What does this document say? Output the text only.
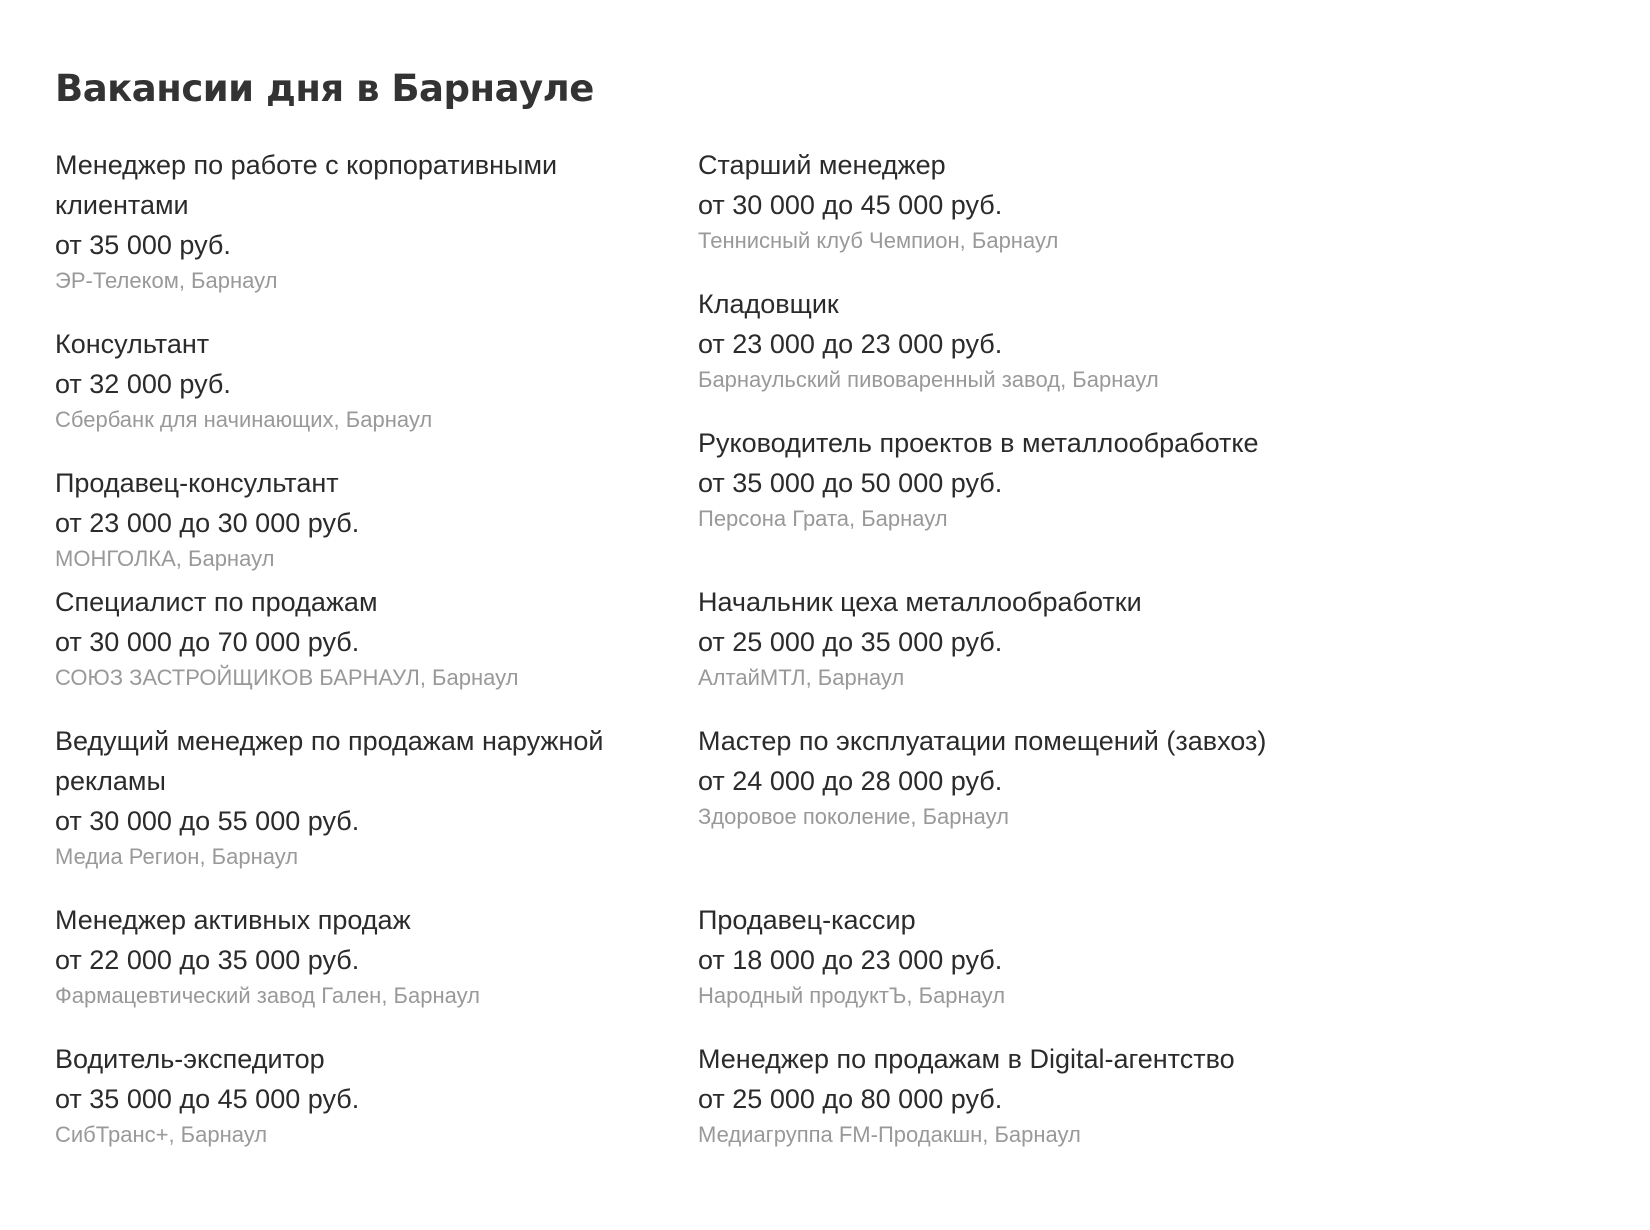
Вакансии дня в Барнауле
Менеджер по работе с корпоративными клиентами
от 35 000 руб.
ЭР-Телеком, Барнаул
Консультант
от 32 000 руб.
Сбербанк для начинающих, Барнаул
Продавец-консультант
от 23 000 до 30 000 руб.
МОНГОЛКА, Барнаул
Специалист по продажам
от 30 000 до 70 000 руб.
СОЮЗ ЗАСТРОЙЩИКОВ БАРНАУЛ, Барнаул
Ведущий менеджер по продажам наружной рекламы
от 30 000 до 55 000 руб.
Медиа Регион, Барнаул
Менеджер активных продаж
от 22 000 до 35 000 руб.
Фармацевтический завод Гален, Барнаул
Водитель-экспедитор
от 35 000 до 45 000 руб.
СибТранс+, Барнаул
Старший менеджер
от 30 000 до 45 000 руб.
Теннисный клуб Чемпион, Барнаул
Кладовщик
от 23 000 до 23 000 руб.
Барнаульский пивоваренный завод, Барнаул
Руководитель проектов в металлообработке
от 35 000 до 50 000 руб.
Персона Грата, Барнаул
Начальник цеха металлообработки
от 25 000 до 35 000 руб.
АлтайМТЛ, Барнаул
Мастер по эксплуатации помещений (завхоз)
от 24 000 до 28 000 руб.
Здоровое поколение, Барнаул
Продавец-кассир
от 18 000 до 23 000 руб.
Народный продуктЪ, Барнаул
Менеджер по продажам в Digital-агентство
от 25 000 до 80 000 руб.
Медиагруппа FM-Продакшн, Барнаул
